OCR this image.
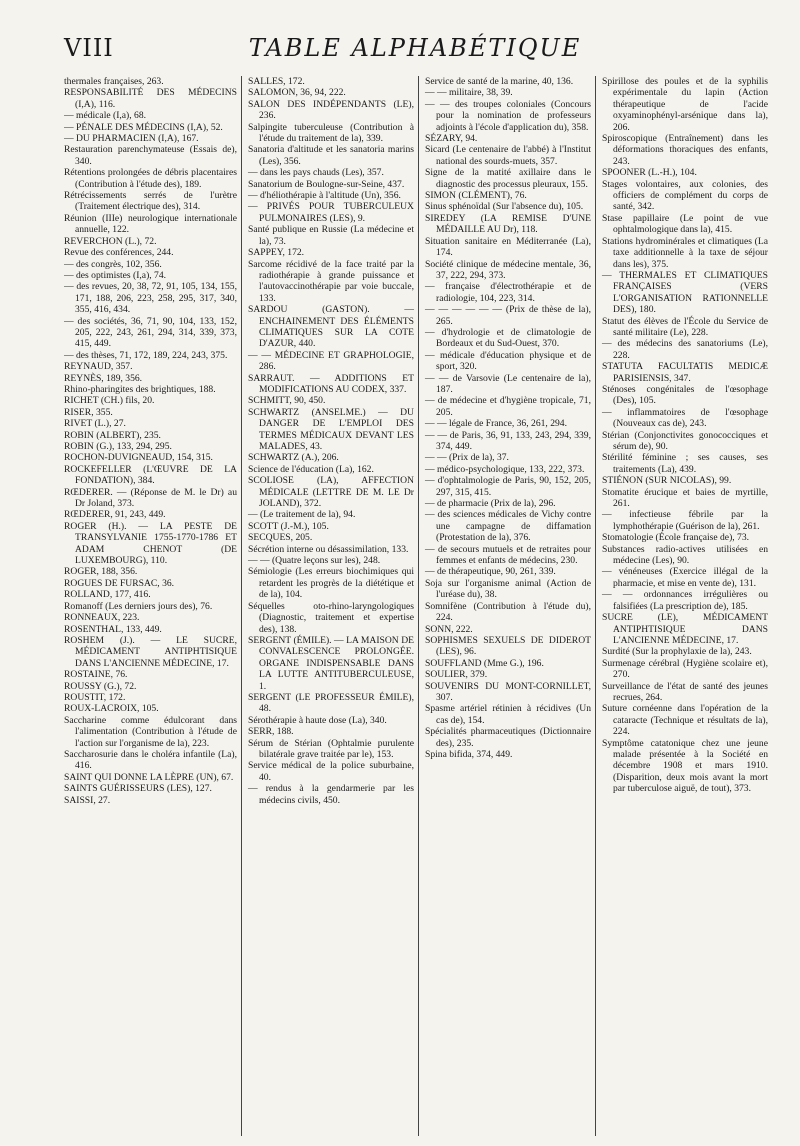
VIII	TABLE ALPHABÉTIQUE

thermales françaises, 263.

RESPONSABILITÉ DES MÉDECINS (I,A), 116.

— médicale (I,a), 68.

— PÉNALE DES MÉDECINS (I,A), 52.

— DU PHARMACIEN (I,A), 167.

Restauration parenchymateuse (Essais de), 340.

Rétentions prolongées de débris placentaires (Contribution à l'étude des), 189.

Rétrécissements serrés de l'urètre (Traitement électrique des), 314.

Réunion (IIIe) neurologique internationale annuelle, 122.

REVERCHON (L.), 72.

Revue des conférences, 244.

— des congrès, 102, 356.

— des optimistes (I,a), 74.

— des revues, 20, 38, 72, 91, 105, 134, 155, 171, 188, 206, 223, 258, 295, 317, 340, 355, 416, 434.

— des sociétés, 36, 71, 90, 104, 133, 152, 205, 222, 243, 261, 294, 314, 339, 373, 415, 449.

— des thèses, 71, 172, 189, 224, 243, 375.

REYNAUD, 357.

REYNÈS, 189, 356.

Rhino-pharingites des brightiques, 188.

RICHET (CH.) fils, 20.

RISER, 355.

RIVET (L.), 27.

ROBIN (ALBERT), 235.

ROBIN (G.), 133, 294, 295.

ROCHON-DUVIGNEAUD, 154, 315.

ROCKEFELLER (L'ŒUVRE DE LA FONDATION), 384.

RŒDERER. — (Réponse de M. le Dr) au Dr Joland, 373.

RŒDERER, 91, 243, 449.

ROGER (H.). — LA PESTE DE TRANSYLVANIE 1755-1770-1786 ET ADAM CHENOT (DE LUXEMBOURG), 110.

ROGER, 188, 356.

ROGUES DE FURSAC, 36.

ROLLAND, 177, 416.

Romanoff (Les derniers jours des), 76.

RONNEAUX, 223.

ROSENTHAL, 133, 449.

ROSHEM (J.). — LE SUCRE, MÉDICAMENT ANTIPHTISIQUE DANS L'ANCIENNE MÉDECINE, 17.

ROSTAINE, 76.

ROUSSY (G.), 72.

ROUSTIT, 172.

ROUX-LACROIX, 105.

Saccharine comme édulcorant dans l'alimentation (Contribution à l'étude de l'action sur l'organisme de la), 223.

Saccharosurie dans le choléra infantile (La), 416.

SAINT QUI DONNE LA LÈPRE (UN), 67.

SAINTS GUÉRISSEURS (LES), 127.

SAISSI, 27.

SALLES, 172.

SALOMON, 36, 94, 222.

SALON DES INDÉPENDANTS (LE), 236.

Salpingite tuberculeuse (Contribution à l'étude du traitement de la), 339.

Sanatoria d'altitude et les sanatoria marins (Les), 356.

— dans les pays chauds (Les), 357.

Sanatorium de Boulogne-sur-Seine, 437.

— d'héliothérapie à l'altitude (Un), 356.

— PRIVÉS POUR TUBERCULEUX PULMONAIRES (LES), 9.

Santé publique en Russie (La médecine et la), 73.

SAPPEY, 172.

Sarcome récidivé de la face traité par la radiothérapie à grande puissance et l'autovaccinothérapie par voie buccale, 133.

SARDOU (GASTON). — ENCHAINEMENT DES ÉLÉMENTS CLIMATIQUES SUR LA COTE D'AZUR, 440.

— — MÉDECINE ET GRAPHOLOGIE, 286.

SARRAUT. — ADDITIONS ET MODIFICATIONS AU CODEX, 337.

SCHMITT, 90, 450.

SCHWARTZ (ANSELME.) — DU DANGER DE L'EMPLOI DES TERMES MÉDICAUX DEVANT LES MALADES, 43.

SCHWARTZ (A.), 206.

Science de l'éducation (La), 162.

SCOLIOSE (LA), AFFECTION MÉDICALE (LETTRE DE M. LE Dr JOLAND), 372.

— (Le traitement de la), 94.

SCOTT (J.-M.), 105.

SECQUES, 205.

Sécrétion interne ou désassimilation, 133.

— — (Quatre leçons sur les), 248.

Sémiologie (Les erreurs biochimiques qui retardent les progrès de la diététique et de la), 104.

Séquelles oto-rhino-laryngologiques (Diagnostic, traitement et expertise des), 138.

SERGENT (ÉMILE). — LA MAISON DE CONVALESCENCE PROLONGÉE. ORGANE INDISPENSABLE DANS LA LUTTE ANTITUBERCULEUSE, 1.

SERGENT (LE PROFESSEUR ÉMILE), 48.

Sérothérapie à haute dose (La), 340.

SERR, 188.

Sérum de Stérian (Ophtalmie purulente bilatérale grave traitée par le), 153.

Service médical de la police suburbaine, 40.

— rendus à la gendarmerie par les médecins civils, 450.

Service de santé de la marine, 40, 136.

— — militaire, 38, 39.

— — des troupes coloniales (Concours pour la nomination de professeurs adjoints à l'école d'application du), 358.

SÉZARY, 94.

Sicard (Le centenaire de l'abbé) à l'Institut national des sourds-muets, 357.

Signe de la matité axillaire dans le diagnostic des processus pleuraux, 155.

SIMON (CLÉMENT), 76.

Sinus sphénoïdal (Sur l'absence du), 105.

SIREDEY (LA REMISE D'UNE MÉDAILLE AU Dr), 118.

Situation sanitaire en Méditerranée (La), 174.

Société clinique de médecine mentale, 36, 37, 222, 294, 373.

— française d'électrothérapie et de radiologie, 104, 223, 314.

— — — — — — (Prix de thèse de la), 265.

— d'hydrologie et de climatologie de Bordeaux et du Sud-Ouest, 370.

— médicale d'éducation physique et de sport, 320.

— — de Varsovie (Le centenaire de la), 187.

— de médecine et d'hygiène tropicale, 71, 205.

— — légale de France, 36, 261, 294.

— — de Paris, 36, 91, 133, 243, 294, 339, 374, 449.

— — (Prix de la), 37.

— médico-psychologique, 133, 222, 373.

— d'ophtalmologie de Paris, 90, 152, 205, 297, 315, 415.

— de pharmacie (Prix de la), 296.

— des sciences médicales de Vichy contre une campagne de diffamation (Protestation de la), 376.

— de secours mutuels et de retraites pour femmes et enfants de médecins, 230.

— de thérapeutique, 90, 261, 339.

Soja sur l'organisme animal (Action de l'uréase du), 38.

Somnifène (Contribution à l'étude du), 224.

SONN, 222.

SOPHISMES SEXUELS DE DIDEROT (LES), 96.

SOUFFLAND (Mme G.), 196.

SOULIER, 379.

SOUVENIRS DU MONT-CORNILLET, 307.

Spasme artériel rétinien à récidives (Un cas de), 154.

Spécialités pharmaceutiques (Dictionnaire des), 235.

Spina bifida, 374, 449.

Spirillose des poules et de la syphilis expérimentale du lapin (Action thérapeutique de l'acide oxyaminophényl-arsénique dans la), 206.

Spiroscopique (Entraînement) dans les déformations thoraciques des enfants, 243.

SPOONER (L.-H.), 104.

Stages volontaires, aux colonies, des officiers de complément du corps de santé, 342.

Stase papillaire (Le point de vue ophtalmologique dans la), 415.

Stations hydrominérales et climatiques (La taxe additionnelle à la taxe de séjour dans les), 375.

— THERMALES ET CLIMATIQUES FRANÇAISES (VERS L'ORGANISATION RATIONNELLE DES), 180.

Statut des élèves de l'École du Service de santé militaire (Le), 228.

— des médecins des sanatoriums (Le), 228.

STATUTA FACULTATIS MEDICÆ PARISIENSIS, 347.

Sténoses congénitales de l'œsophage (Des), 105.

— inflammatoires de l'œsophage (Nouveaux cas de), 243.

Stérian (Conjonctivites gonococciques et sérum de), 90.

Stérilité féminine ; ses causes, ses traitements (La), 439.

STIÉNON (SUR NICOLAS), 99.

Stomatite érucique et baies de myrtille, 261.

— infectieuse fébrile par la lymphothérapie (Guérison de la), 261.

Stomatologie (École française de), 73.

Substances radio-actives utilisées en médecine (Les), 90.

— vénéneuses (Exercice illégal de la pharmacie, et mise en vente de), 131.

— — ordonnances irrégulières ou falsifiées (La prescription de), 185.

SUCRE (LE), MÉDICAMENT ANTIPHTISIQUE DANS L'ANCIENNE MÉDECINE, 17.

Surdité (Sur la prophylaxie de la), 243.

Surmenage cérébral (Hygiène scolaire et), 270.

Surveillance de l'état de santé des jeunes recrues, 264.

Suture cornéenne dans l'opération de la cataracte (Technique et résultats de la), 224.

Symptôme catatonique chez une jeune malade présentée à la Société en décembre 1908 et mars 1910. (Disparition, deux mois avant la mort par tuberculose aiguë, de tout), 373.
